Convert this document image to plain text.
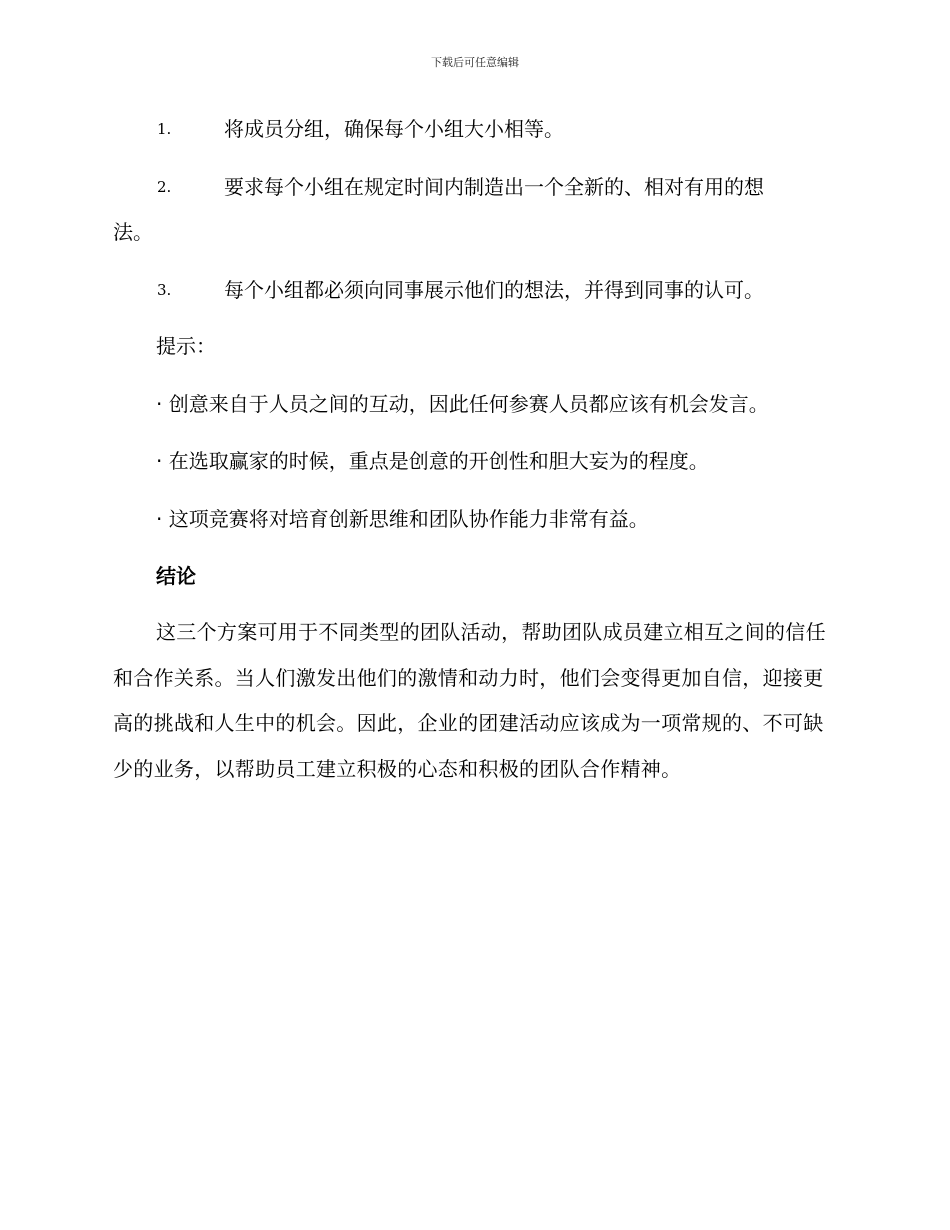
下载后可任意编辑
1.	将成员分组，确保每个小组大小相等。
2.	要求每个小组在规定时间内制造出一个全新的、相对有用的想
法。
3.	每个小组都必须向同事展示他们的想法，并得到同事的认可。
提示：
· 创意来自于人员之间的互动，因此任何参赛人员都应该有机会发言。
· 在选取赢家的时候，重点是创意的开创性和胆大妄为的程度。
· 这项竞赛将对培育创新思维和团队协作能力非常有益。
结论
这三个方案可用于不同类型的团队活动，帮助团队成员建立相互之间的信任和合作关系。当人们激发出他们的激情和动力时，他们会变得更加自信，迎接更高的挑战和人生中的机会。因此，企业的团建活动应该成为一项常规的、不可缺少的业务，以帮助员工建立积极的心态和积极的团队合作精神。
